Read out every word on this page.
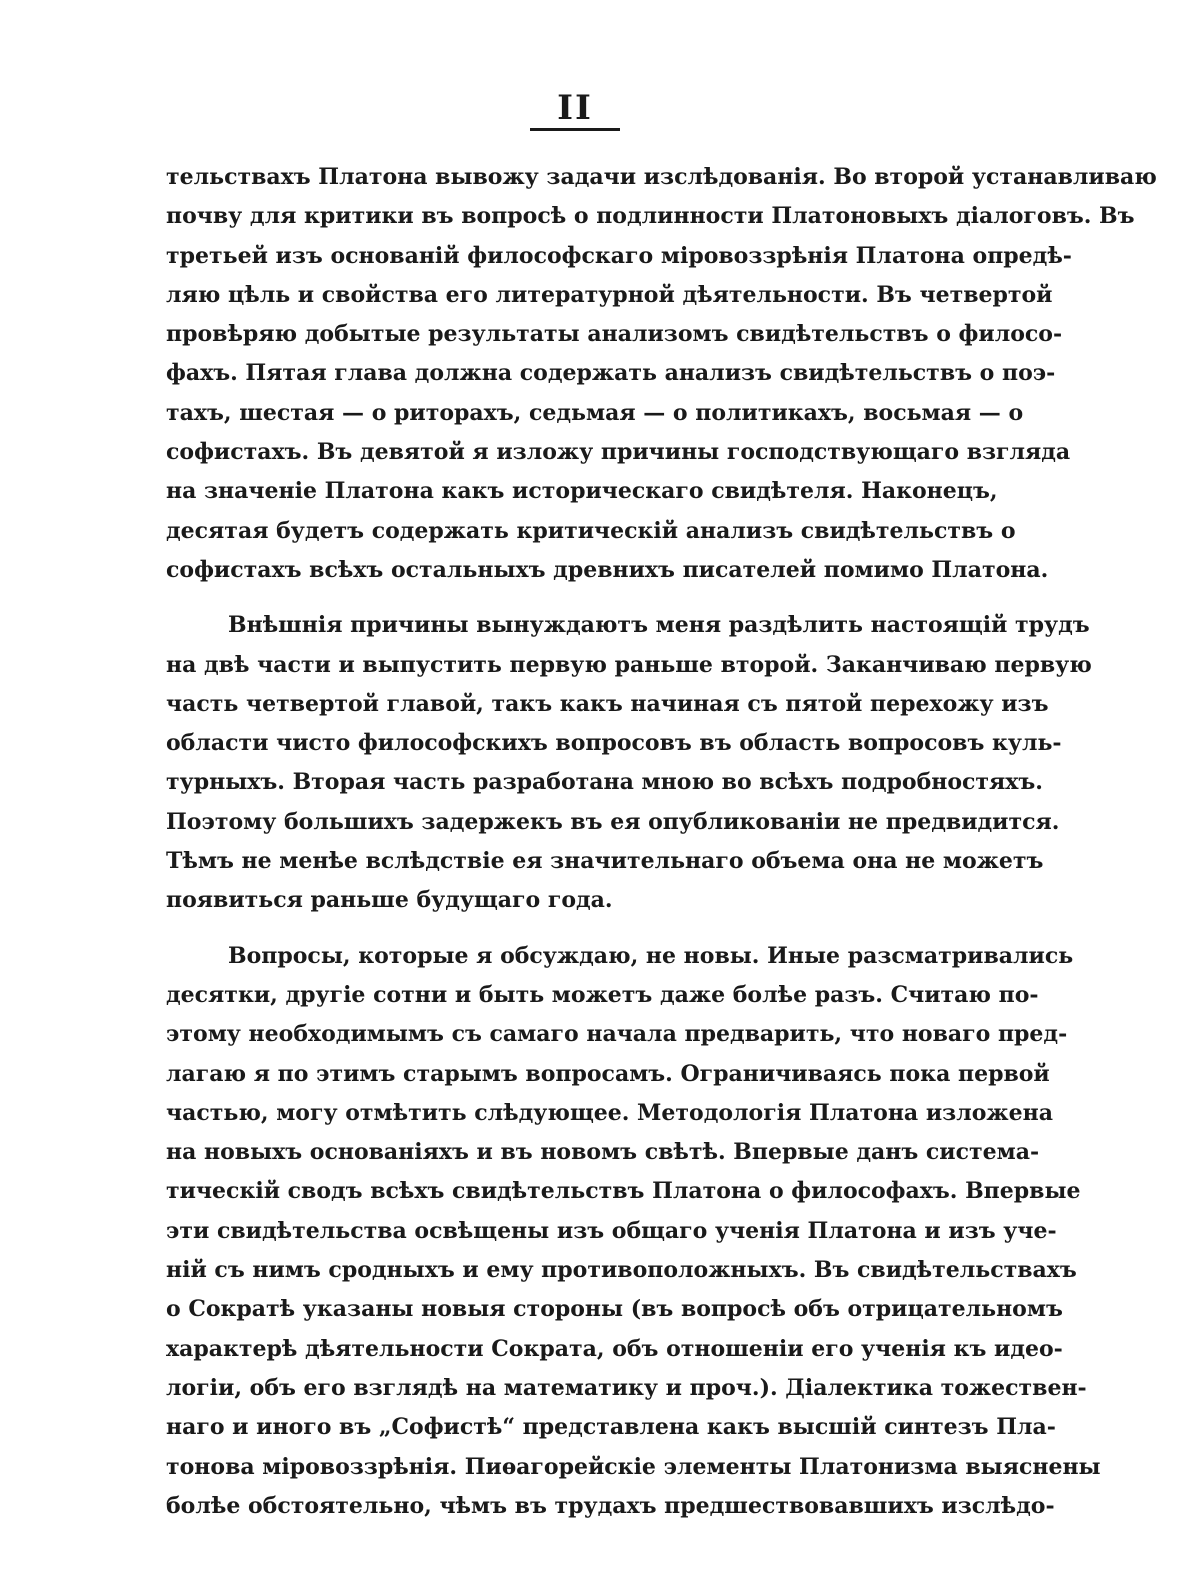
II
тельствахъ Платона вывожу задачи изслѣдованія. Во второй устанавливаю
почву для критики въ вопросѣ о подлинности Платоновыхъ діалоговъ. Въ
третьей изъ основаній философскаго міровоззрѣнія Платона опредѣ-
ляю цѣль и свойства его литературной дѣятельности. Въ четвертой
провѣряю добытые результаты анализомъ свидѣтельствъ о филосо-
фахъ. Пятая глава должна содержать анализъ свидѣтельствъ о поэ-
тахъ, шестая — о риторахъ, седьмая — о политикахъ, восьмая — о
софистахъ. Въ девятой я изложу причины господствующаго взгляда
на значеніе Платона какъ историческаго свидѣтеля. Наконецъ,
десятая будетъ содержать критическій анализъ свидѣтельствъ о
софистахъ всѣхъ остальныхъ древнихъ писателей помимо Платона.
Внѣшнія причины вынуждаютъ меня раздѣлить настоящій трудъ
на двѣ части и выпустить первую раньше второй. Заканчиваю первую
часть четвертой главой, такъ какъ начиная съ пятой перехожу изъ
области чисто философскихъ вопросовъ въ область вопросовъ куль-
турныхъ. Вторая часть разработана мною во всѣхъ подробностяхъ.
Поэтому большихъ задержекъ въ ея опубликованіи не предвидится.
Тѣмъ не менѣе вслѣдствіе ея значительнаго объема она не можетъ
появиться раньше будущаго года.
Вопросы, которые я обсуждаю, не новы. Иные разсматривались
десятки, другіе сотни и быть можетъ даже болѣе разъ. Считаю по-
этому необходимымъ съ самаго начала предварить, что новаго пред-
лагаю я по этимъ старымъ вопросамъ. Ограничиваясь пока первой
частью, могу отмѣтить слѣдующее. Методологія Платона изложена
на новыхъ основаніяхъ и въ новомъ свѣтѣ. Впервые данъ система-
тическій сводъ всѣхъ свидѣтельствъ Платона о философахъ. Впервые
эти свидѣтельства освѣщены изъ общаго ученія Платона и изъ уче-
ній съ нимъ сродныхъ и ему противоположныхъ. Въ свидѣтельствахъ
о Сократѣ указаны новыя стороны (въ вопросѣ объ отрицательномъ
характерѣ дѣятельности Сократа, объ отношеніи его ученія къ идео-
логіи, объ его взглядѣ на математику и проч.). Діалектика тожествен-
наго и иного въ „Софистѣ“ представлена какъ высшій синтезъ Пла-
тонова міровоззрѣнія. Пиѳагорейскіе элементы Платонизма выяснены
болѣе обстоятельно, чѣмъ въ трудахъ предшествовавшихъ изслѣдо-
